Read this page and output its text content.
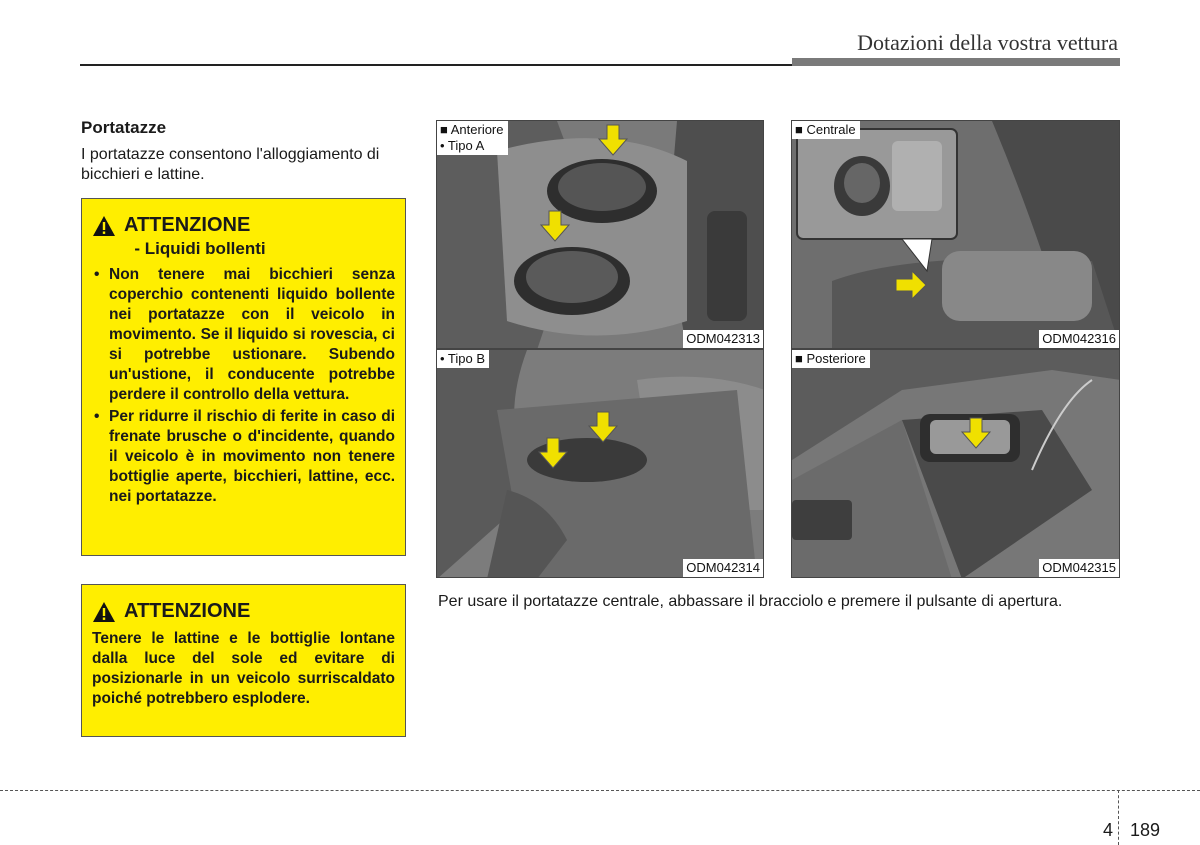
Dotazioni della vostra vettura
Portatazze
I portatazze consentono l'alloggiamento di bicchieri e lattine.
ATTENZIONE - Liquidi bollenti
• Non tenere mai bicchieri senza coperchio contenenti liquido bollente nei portatazze con il veicolo in movimento. Se il liquido si rovescia, ci si potrebbe ustionare. Subendo un'ustione, il conducente potrebbe perdere il controllo della vettura.
• Per ridurre il rischio di ferite in caso di frenate brusche o d'incidente, quando il veicolo è in movimento non tenere bottiglie aperte, bicchieri, lattine, ecc. nei portatazze.
ATTENZIONE
Tenere le lattine e le bottiglie lontane dalla luce del sole ed evitare di posizionarle in un veicolo surriscaldato poiché potrebbero esplodere.
■ Anteriore
• Tipo A
ODM042313
■ Centrale
ODM042316
• Tipo B
ODM042314
■ Posteriore
ODM042315
Per usare il portatazze centrale, abbassare il bracciolo e premere il pulsante di apertura.
4 189
